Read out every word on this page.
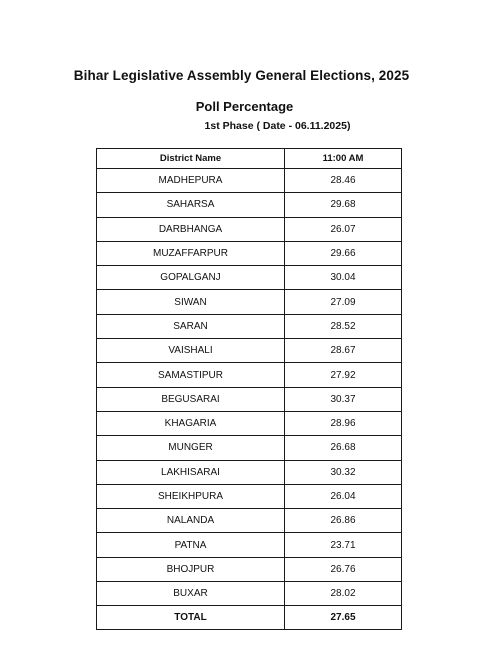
Bihar Legislative Assembly General Elections, 2025
Poll Percentage
1st Phase ( Date - 06.11.2025)
District Name	11:00 AM
MADHEPURA	28.46
SAHARSA	29.68
DARBHANGA	26.07
MUZAFFARPUR	29.66
GOPALGANJ	30.04
SIWAN	27.09
SARAN	28.52
VAISHALI	28.67
SAMASTIPUR	27.92
BEGUSARAI	30.37
KHAGARIA	28.96
MUNGER	26.68
LAKHISARAI	30.32
SHEIKHPURA	26.04
NALANDA	26.86
PATNA	23.71
BHOJPUR	26.76
BUXAR	28.02
TOTAL	27.65
